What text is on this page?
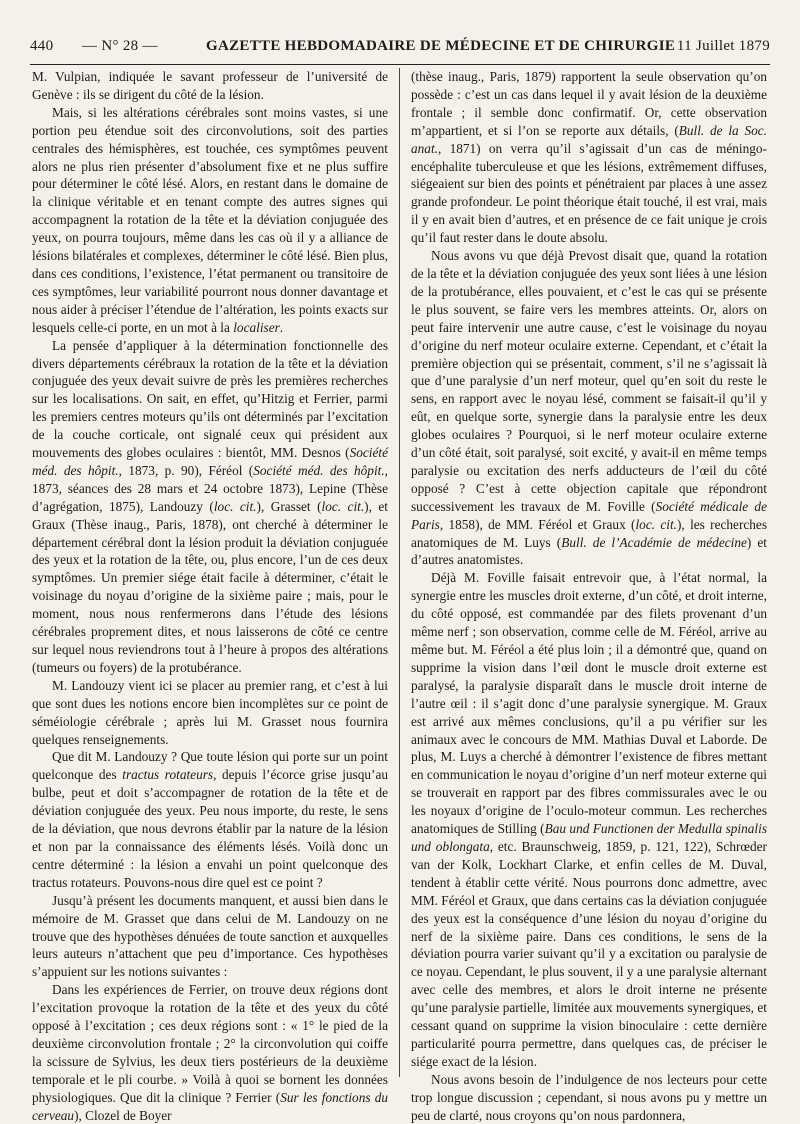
440 — N° 28 —	GAZETTE HEBDOMADAIRE DE MÉDECINE ET DE CHIRURGIE 11 Juillet 1879

M. Vulpian, indiquée le savant professeur de l’université de Genève : ils se dirigent du côté de la lésion.

Mais, si les altérations cérébrales sont moins vastes, si une portion peu étendue soit des circonvolutions, soit des parties centrales des hémisphères, est touchée, ces symptômes peuvent alors ne plus rien présenter d’absolument fixe et ne plus suffire pour déterminer le côté lésé. Alors, en restant dans le domaine de la clinique véritable et en tenant compte des autres signes qui accompagnent la rotation de la tête et la déviation conjuguée des yeux, on pourra toujours, même dans les cas où il y a alliance de lésions bilatérales et complexes, déterminer le côté lésé. Bien plus, dans ces conditions, l’existence, l’état permanent ou transitoire de ces symptômes, leur variabilité pourront nous donner davantage et nous aider à préciser l’étendue de l’altération, les points exacts sur lesquels celle-ci porte, en un mot à la localiser.

La pensée d’appliquer à la détermination fonctionnelle des divers départements cérébraux la rotation de la tête et la déviation conjuguée des yeux devait suivre de près les premières recherches sur les localisations. On sait, en effet, qu’Hitzig et Ferrier, parmi les premiers centres moteurs qu’ils ont déterminés par l’excitation de la couche corticale, ont signalé ceux qui président aux mouvements des globes oculaires : bientôt, MM. Desnos (Société méd. des hôpit., 1873, p. 90), Féréol (Société méd. des hôpit., 1873, séances des 28 mars et 24 octobre 1873), Lepine (Thèse d’agrégation, 1875), Landouzy (loc. cit.), Grasset (loc. cit.), et Graux (Thèse inaug., Paris, 1878), ont cherché à déterminer le département cérébral dont la lésion produit la déviation conjuguée des yeux et la rotation de la tête, ou, plus encore, l’un de ces deux symptômes. Un premier siége était facile à déterminer, c’était le voisinage du noyau d’origine de la sixième paire ; mais, pour le moment, nous nous renfermerons dans l’étude des lésions cérébrales proprement dites, et nous laisserons de côté ce centre sur lequel nous reviendrons tout à l’heure à propos des altérations (tumeurs ou foyers) de la protubérance.

M. Landouzy vient ici se placer au premier rang, et c’est à lui que sont dues les notions encore bien incomplètes sur ce point de séméiologie cérébrale ; après lui M. Grasset nous fournira quelques renseignements.

Que dit M. Landouzy ? Que toute lésion qui porte sur un point quelconque des tractus rotateurs, depuis l’écorce grise jusqu’au bulbe, peut et doit s’accompagner de rotation de la tête et de déviation conjuguée des yeux. Peu nous importe, du reste, le sens de la déviation, que nous devrons établir par la nature de la lésion et non par la connaissance des éléments lésés. Voilà donc un centre déterminé : la lésion a envahi un point quelconque des tractus rotateurs. Pouvons-nous dire quel est ce point ?

Jusqu’à présent les documents manquent, et aussi bien dans le mémoire de M. Grasset que dans celui de M. Landouzy on ne trouve que des hypothèses dénuées de toute sanction et auxquelles leurs auteurs n’attachent que peu d’importance. Ces hypothèses s’appuient sur les notions suivantes :

Dans les expériences de Ferrier, on trouve deux régions dont l’excitation provoque la rotation de la tête et des yeux du côté opposé à l’excitation ; ces deux régions sont : « 1° le pied de la deuxième circonvolution frontale ; 2° la circonvolution qui coiffe la scissure de Sylvius, les deux tiers postérieurs de la deuxième temporale et le pli courbe. » Voilà à quoi se bornent les données physiologiques. Que dit la clinique ? Ferrier (Sur les fonctions du cerveau), Clozel de Boyer

(thèse inaug., Paris, 1879) rapportent la seule observation qu’on possède : c’est un cas dans lequel il y avait lésion de la deuxième frontale ; il semble donc confirmatif. Or, cette observation m’appartient, et si l’on se reporte aux détails, (Bull. de la Soc. anat., 1871) on verra qu’il s’agissait d’un cas de méningo-encéphalite tuberculeuse et que les lésions, extrêmement diffuses, siégeaient sur bien des points et pénétraient par places à une assez grande profondeur. Le point théorique était touché, il est vrai, mais il y en avait bien d’autres, et en présence de ce fait unique je crois qu’il faut rester dans le doute absolu.

Nous avons vu que déjà Prevost disait que, quand la rotation de la tête et la déviation conjuguée des yeux sont liées à une lésion de la protubérance, elles pouvaient, et c’est le cas qui se présente le plus souvent, se faire vers les membres atteints. Or, alors on peut faire intervenir une autre cause, c’est le voisinage du noyau d’origine du nerf moteur oculaire externe. Cependant, et c’était la première objection qui se présentait, comment, s’il ne s’agissait là que d’une paralysie d’un nerf moteur, quel qu’en soit du reste le sens, en rapport avec le noyau lésé, comment se faisait-il qu’il y eût, en quelque sorte, synergie dans la paralysie entre les deux globes oculaires ? Pourquoi, si le nerf moteur oculaire externe d’un côté était, soit paralysé, soit excité, y avait-il en même temps paralysie ou excitation des nerfs adducteurs de l’œil du côté opposé ? C’est à cette objection capitale que répondront successivement les travaux de M. Foville (Société médicale de Paris, 1858), de MM. Féréol et Graux (loc. cit.), les recherches anatomiques de M. Luys (Bull. de l’Académie de médecine) et d’autres anatomistes.

Déjà M. Foville faisait entrevoir que, à l’état normal, la synergie entre les muscles droit externe, d’un côté, et droit interne, du côté opposé, est commandée par des filets provenant d’un même nerf ; son observation, comme celle de M. Féréol, arrive au même but. M. Féréol a été plus loin ; il a démontré que, quand on supprime la vision dans l’œil dont le muscle droit externe est paralysé, la paralysie disparaît dans le muscle droit interne de l’autre œil : il s’agit donc d’une paralysie synergique. M. Graux est arrivé aux mêmes conclusions, qu’il a pu vérifier sur les animaux avec le concours de MM. Mathias Duval et Laborde. De plus, M. Luys a cherché à démontrer l’existence de fibres mettant en communication le noyau d’origine d’un nerf moteur externe qui se trouverait en rapport par des fibres commissurales avec le ou les noyaux d’origine de l’oculo-moteur commun. Les recherches anatomiques de Stilling (Bau und Functionen der Medulla spinalis und oblongata, etc. Braunschweig, 1859, p. 121, 122), Schrœder van der Kolk, Lockhart Clarke, et enfin celles de M. Duval, tendent à établir cette vérité. Nous pourrons donc admettre, avec MM. Féréol et Graux, que dans certains cas la déviation conjuguée des yeux est la conséquence d’une lésion du noyau d’origine du nerf de la sixième paire. Dans ces conditions, le sens de la déviation pourra varier suivant qu’il y a excitation ou paralysie de ce noyau. Cependant, le plus souvent, il y a une paralysie alternant avec celle des membres, et alors le droit interne ne présente qu’une paralysie partielle, limitée aux mouvements synergiques, et cessant quand on supprime la vision binoculaire : cette dernière particularité pourra permettre, dans quelques cas, de préciser le siége exact de la lésion.

Nous avons besoin de l’indulgence de nos lecteurs pour cette trop longue discussion ; cependant, si nous avons pu y mettre un peu de clarté, nous croyons qu’on nous pardonnera,
